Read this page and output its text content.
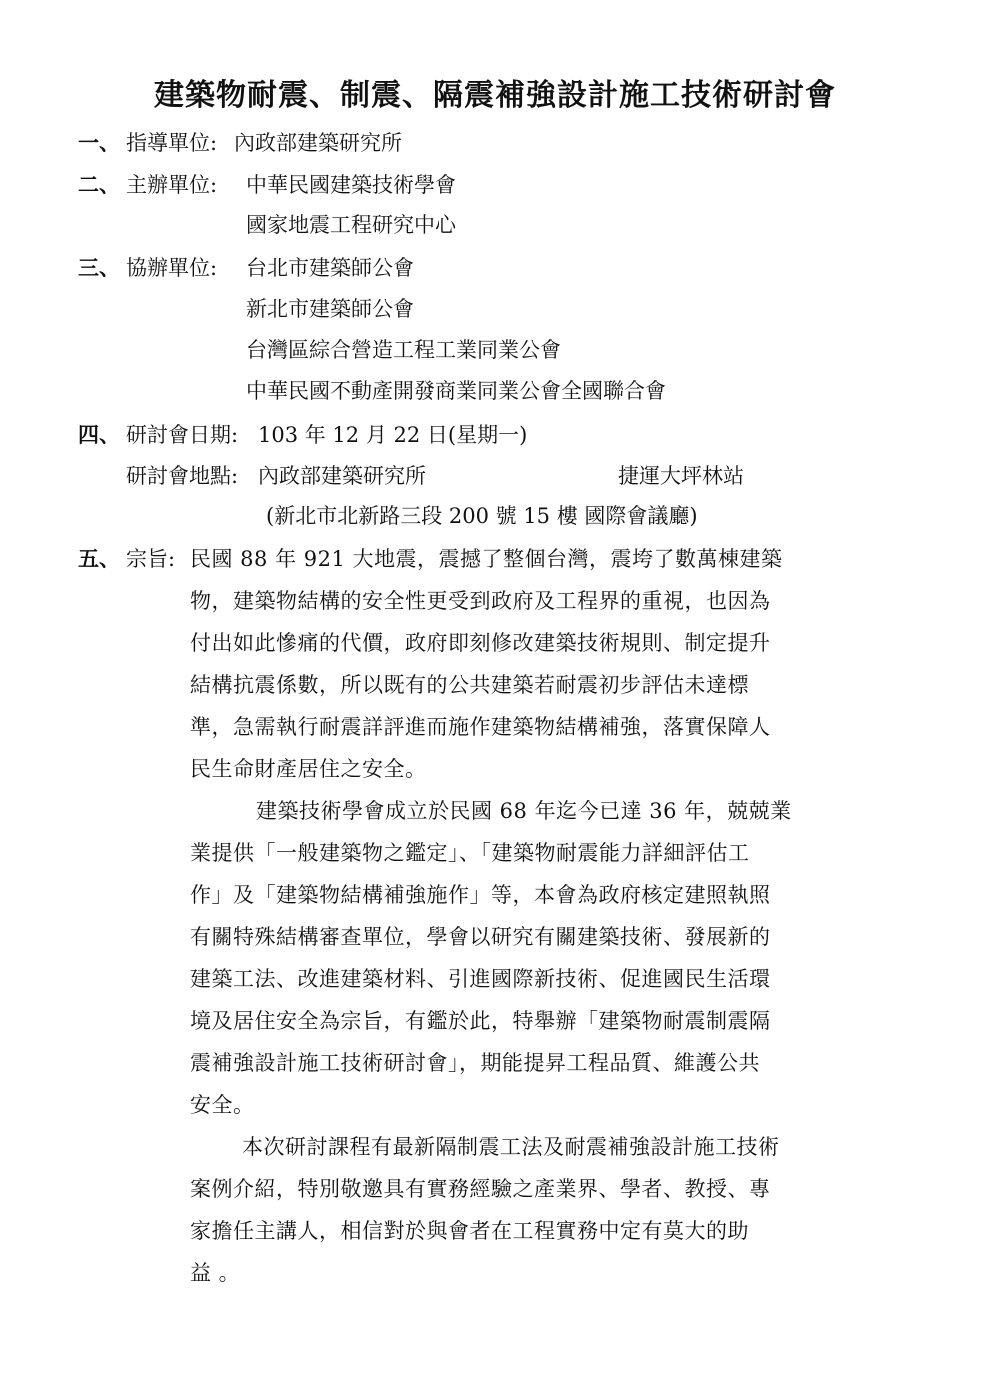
建築物耐震、制震、隔震補強設計施工技術研討會
一、 指導單位: 內政部建築研究所
二、 主辦單位: 中華民國建築技術學會
國家地震工程研究中心
三、 協辦單位: 台北市建築師公會
新北市建築師公會
台灣區綜合營造工程工業同業公會
中華民國不動產開發商業同業公會全國聯合會
四、 研討會日期: 103 年 12 月 22 日(星期一)
研討會地點: 內政部建築研究所	捷運大坪林站
(新北市北新路三段 200 號 15 樓 國際會議廳)
五、 宗旨: 民國 88 年 921 大地震，震撼了整個台灣，震垮了數萬棟建築
物，建築物結構的安全性更受到政府及工程界的重視，也因為
付出如此慘痛的代價，政府即刻修改建築技術規則、制定提升
結構抗震係數，所以既有的公共建築若耐震初步評估未達標
準，急需執行耐震詳評進而施作建築物結構補強，落實保障人
民生命財產居住之安全。
建築技術學會成立於民國 68 年迄今已達 36 年，兢兢業
業提供「一般建築物之鑑定」、「建築物耐震能力詳細評估工
作」及「建築物結構補強施作」等，本會為政府核定建照執照
有關特殊結構審查單位，學會以研究有關建築技術、發展新的
建築工法、改進建築材料、引進國際新技術、促進國民生活環
境及居住安全為宗旨，有鑑於此，特舉辦「建築物耐震制震隔
震補強設計施工技術研討會」，期能提昇工程品質、維護公共
安全。
本次研討課程有最新隔制震工法及耐震補強設計施工技術
案例介紹，特別敬邀具有實務經驗之產業界、學者、教授、專
家擔任主講人，相信對於與會者在工程實務中定有莫大的助
益 。
